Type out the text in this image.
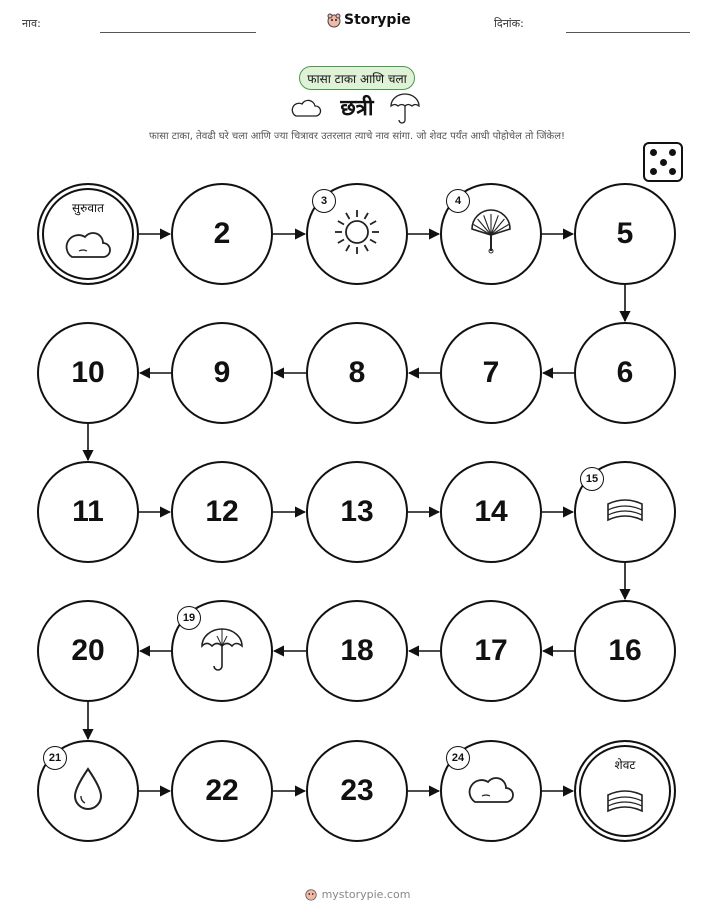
नाव:	Storypie	दिनांक:
फासा टाका आणि चला
छत्री
फासा टाका, तेवढी घरे चला आणि ज्या चित्रावर उतरलात त्याचे नाव सांगा. जो शेवट पर्यंत आधी पोहोचेल तो जिंकेल!
सुरुवात
2
3	4
5
6
7
8
9
10
11	12	13	14
15
16
17
18
19
20
21
22	23
24	शेवट
mystorypie.com
